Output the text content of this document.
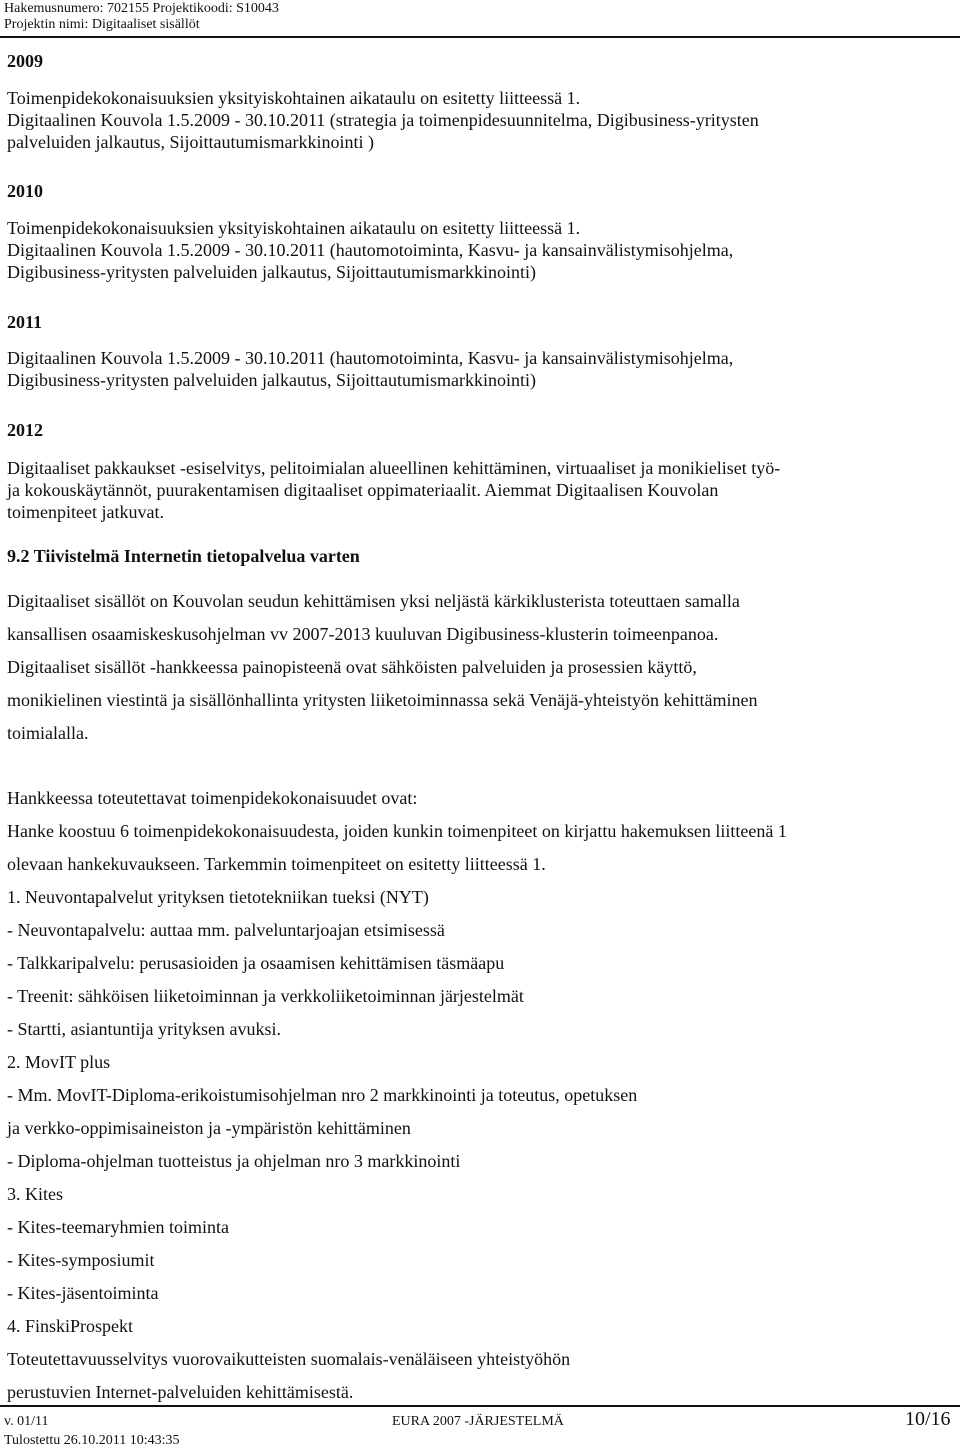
Hakemusnumero: 702155 Projektikoodi: S10043
Projektin nimi: Digitaaliset sisällöt
2009
Toimenpidekokonaisuuksien yksityiskohtainen aikataulu on esitetty liitteessä 1.
Digitaalinen Kouvola 1.5.2009 - 30.10.2011 (strategia ja toimenpidesuunnitelma, Digibusiness-yritysten
palveluiden jalkautus, Sijoittautumismarkkinointi )
2010
Toimenpidekokonaisuuksien yksityiskohtainen aikataulu on esitetty liitteessä 1.
Digitaalinen Kouvola 1.5.2009 - 30.10.2011 (hautomotoiminta, Kasvu- ja kansainvälistymisohjelma,
Digibusiness-yritysten palveluiden jalkautus, Sijoittautumismarkkinointi)
2011
Digitaalinen Kouvola 1.5.2009 - 30.10.2011 (hautomotoiminta, Kasvu- ja kansainvälistymisohjelma,
Digibusiness-yritysten palveluiden jalkautus, Sijoittautumismarkkinointi)
2012
Digitaaliset pakkaukset -esiselvitys, pelitoimialan alueellinen kehittäminen, virtuaaliset ja monikieliset työ-
ja kokouskäytännöt, puurakentamisen digitaaliset oppimateriaalit. Aiemmat Digitaalisen Kouvolan
toimenpiteet jatkuvat.
9.2 Tiivistelmä Internetin tietopalvelua varten
Digitaaliset sisällöt on Kouvolan seudun kehittämisen yksi neljästä kärkiklusterista toteuttaen samalla
kansallisen osaamiskeskusohjelman vv 2007-2013 kuuluvan Digibusiness-klusterin toimeenpanoa.
Digitaaliset sisällöt -hankkeessa painopisteenä ovat sähköisten palveluiden ja prosessien käyttö,
monikielinen viestintä ja sisällönhallinta yritysten liiketoiminnassa sekä Venäjä-yhteistyön kehittäminen
toimialalla.
Hankkeessa toteutettavat toimenpidekokonaisuudet ovat:
Hanke koostuu 6 toimenpidekokonaisuudesta, joiden kunkin toimenpiteet on kirjattu hakemuksen liitteenä 1
olevaan hankekuvaukseen. Tarkemmin toimenpiteet on esitetty liitteessä 1.
1. Neuvontapalvelut yrityksen tietotekniikan tueksi (NYT)
- Neuvontapalvelu: auttaa mm. palveluntarjoajan etsimisessä
- Talkkaripalvelu: perusasioiden ja osaamisen kehittämisen täsmäapu
- Treenit: sähköisen liiketoiminnan ja verkkoliiketoiminnan järjestelmät
- Startti, asiantuntija yrityksen avuksi.
2. MovIT plus
- Mm. MovIT-Diploma-erikoistumisohjelman nro 2 markkinointi ja toteutus, opetuksen
ja verkko-oppimisaineiston ja -ympäristön kehittäminen
- Diploma-ohjelman tuotteistus ja ohjelman nro 3 markkinointi
3. Kites
- Kites-teemaryhmien toiminta
- Kites-symposiumit
- Kites-jäsentoiminta
4. FinskiProspekt
Toteutettavuusselvitys vuorovaikutteisten suomalais-venäläiseen yhteistyöhön
perustuvien Internet-palveluiden kehittämisestä.
v. 01/11	EURA 2007 -JÄRJESTELMÄ	10/16
Tulostettu 26.10.2011 10:43:35
